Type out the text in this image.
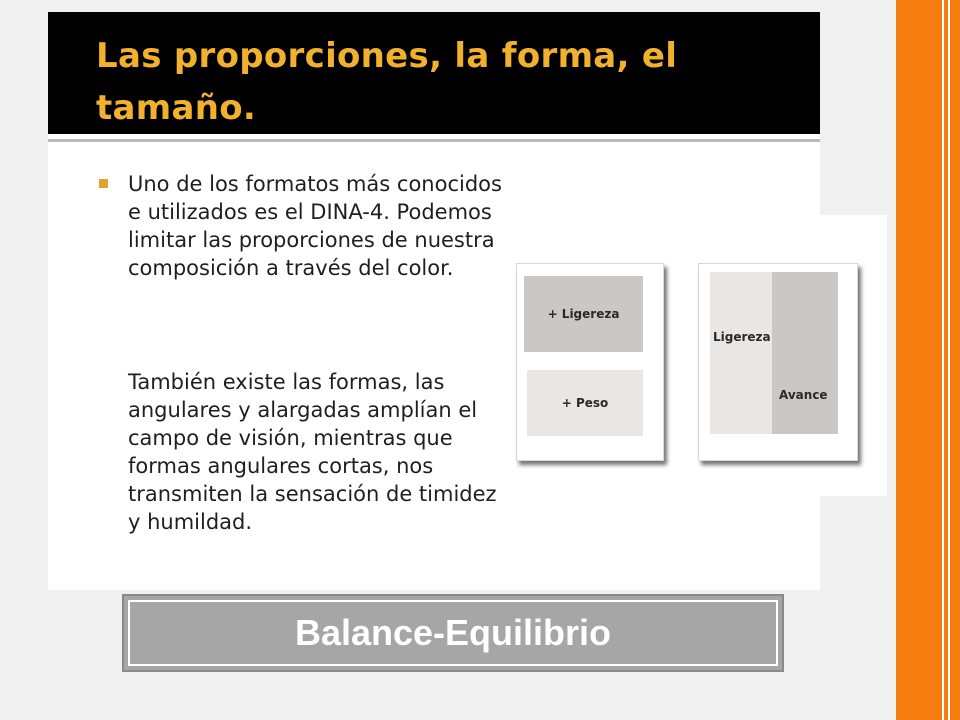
Las proporciones, la forma, el tamaño.

Uno de los formatos más conocidos e utilizados es el DINA-4. Podemos limitar las proporciones de nuestra composición a través del color.

También existe las formas, las angulares y alargadas amplían el campo de visión, mientras que formas angulares cortas, nos transmiten la sensación de timidez y humildad.

+ Ligereza
+ Peso
Ligereza
Avance
Balance-Equilibrio
